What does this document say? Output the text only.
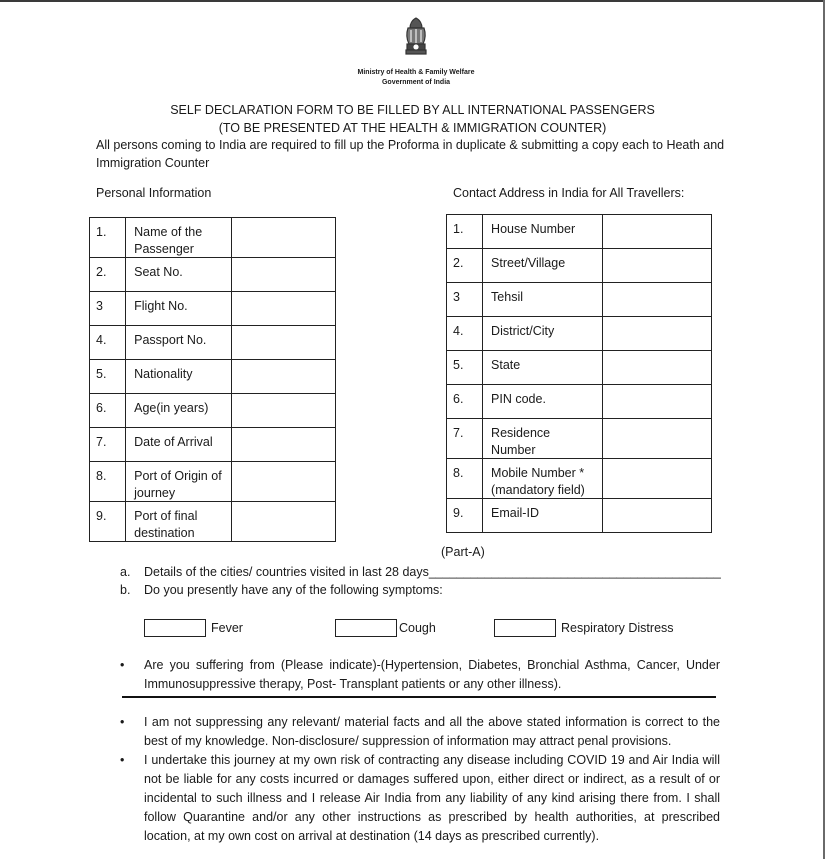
Ministry of Health & Family Welfare
Government of India
SELF DECLARATION FORM TO BE FILLED BY ALL INTERNATIONAL PASSENGERS
(TO BE PRESENTED AT THE HEALTH & IMMIGRATION COUNTER)
All persons coming to India are required to fill up the Proforma in duplicate & submitting a copy each to Heath and Immigration Counter
Personal Information	Contact Address in India for All Travellers:
1.	Name of the Passenger	
2.	Seat No.	
3	Flight No.	
4.	Passport No.	
5.	Nationality	
6.	Age(in years)	
7.	Date of Arrival	
8.	Port of Origin of journey	
9.	Port of final destination	
1.	House Number	
2.	Street/Village	
3	Tehsil	
4.	District/City	
5.	State	
6.	PIN code.	
7.	Residence Number	
8.	Mobile Number * (mandatory field)	
9.	Email-ID	
(Part-A)
a. Details of the cities/ countries visited in last 28 days__________________________________________
b. Do you presently have any of the following symptoms:
Fever	Cough	Respiratory Distress
• Are you suffering from (Please indicate)-(Hypertension, Diabetes, Bronchial Asthma, Cancer, Under Immunosuppressive therapy, Post- Transplant patients or any other illness).
• I am not suppressing any relevant/ material facts and all the above stated information is correct to the best of my knowledge. Non-disclosure/ suppression of information may attract penal provisions.
• I undertake this journey at my own risk of contracting any disease including COVID 19 and Air India will not be liable for any costs incurred or damages suffered upon, either direct or indirect, as a result of or incidental to such illness and I release Air India from any liability of any kind arising there from. I shall follow Quarantine and/or any other instructions as prescribed by health authorities, at prescribed location, at my own cost on arrival at destination (14 days as prescribed currently).
